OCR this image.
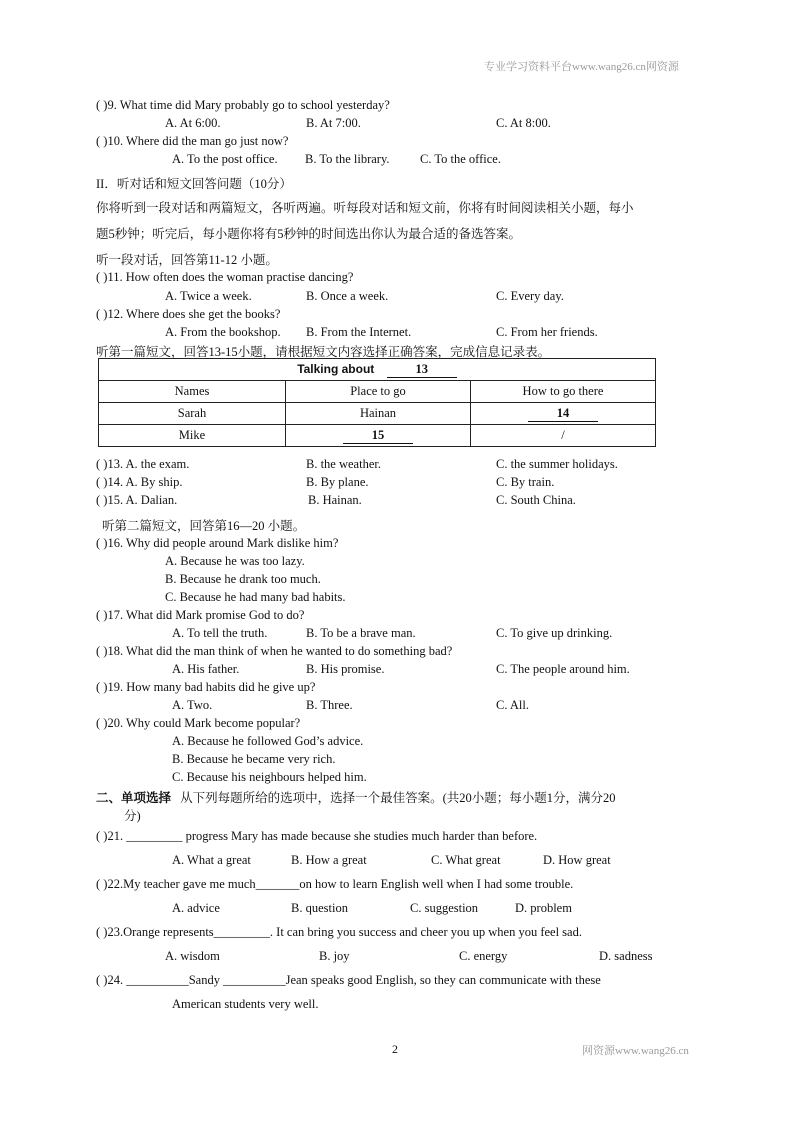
专业学习资料平台www.wang26.cn网资源
( )9. What time did Mary probably go to school yesterday?
A. At 6:00.	B. At 7:00.	C. At 8:00.
( )10. Where did the man go just now?
A. To the post office. B. To the library. C. To the office.
II．听对话和短文回答问题（10分）
你将听到一段对话和两篇短文，各听两遍。听每段对话和短文前，你将有时间阅读相关小题，每小
题5秒钟；听完后，每小题你将有5秒钟的时间选出你认为最合适的备选答案。
听一段对话，回答第11-12 小题。
( )11. How often does the woman practise dancing?
A. Twice a week.	B. Once a week.	C. Every day.
( )12. Where does she get the books?
A. From the bookshop. B. From the Internet.	C. From her friends.
听第一篇短文，回答13-15小题，请根据短文内容选择正确答案，完成信息记录表。
Talking about 13		
Names	Place to go	How to go there
Sarah	Hainan	14
Mike	15	/
( )13. A. the exam.	B. the weather.	C. the summer holidays.
( )14. A. By ship.	B. By plane.	C. By train.
( )15. A. Dalian.	B. Hainan.	C. South China.
听第二篇短文，回答第16—20 小题。
( )16. Why did people around Mark dislike him?
A. Because he was too lazy.
B. Because he drank too much.
C. Because he had many bad habits.
( )17. What did Mark promise God to do?
A. To tell the truth.	B. To be a brave man.	C. To give up drinking.
( )18. What did the man think of when he wanted to do something bad?
A. His father.	B. His promise.	C. The people around him.
( )19. How many bad habits did he give up?
A. Two.	B. Three.	C. All.
( )20. Why could Mark become popular?
A. Because he followed God’s advice.
B. Because he became very rich.
C. Because his neighbours helped him.
二、单项选择 从下列每题所给的选项中，选择一个最佳答案。(共20小题；每小题1分，满分20
分)
( )21. _________ progress Mary has made because she studies much harder than before.
A. What a great	B. How a great	C. What great	D. How great
( )22.My teacher gave me much_______on how to learn English well when I had some trouble.
A. advice	B. question	C. suggestion	D. problem
( )23.Orange represents_________. It can bring you success and cheer you up when you feel sad.
A. wisdom	B. joy	C. energy	D. sadness
( )24. __________Sandy __________Jean speaks good English, so they can communicate with these
American students very well.
2	网资源www.wang26.cn
